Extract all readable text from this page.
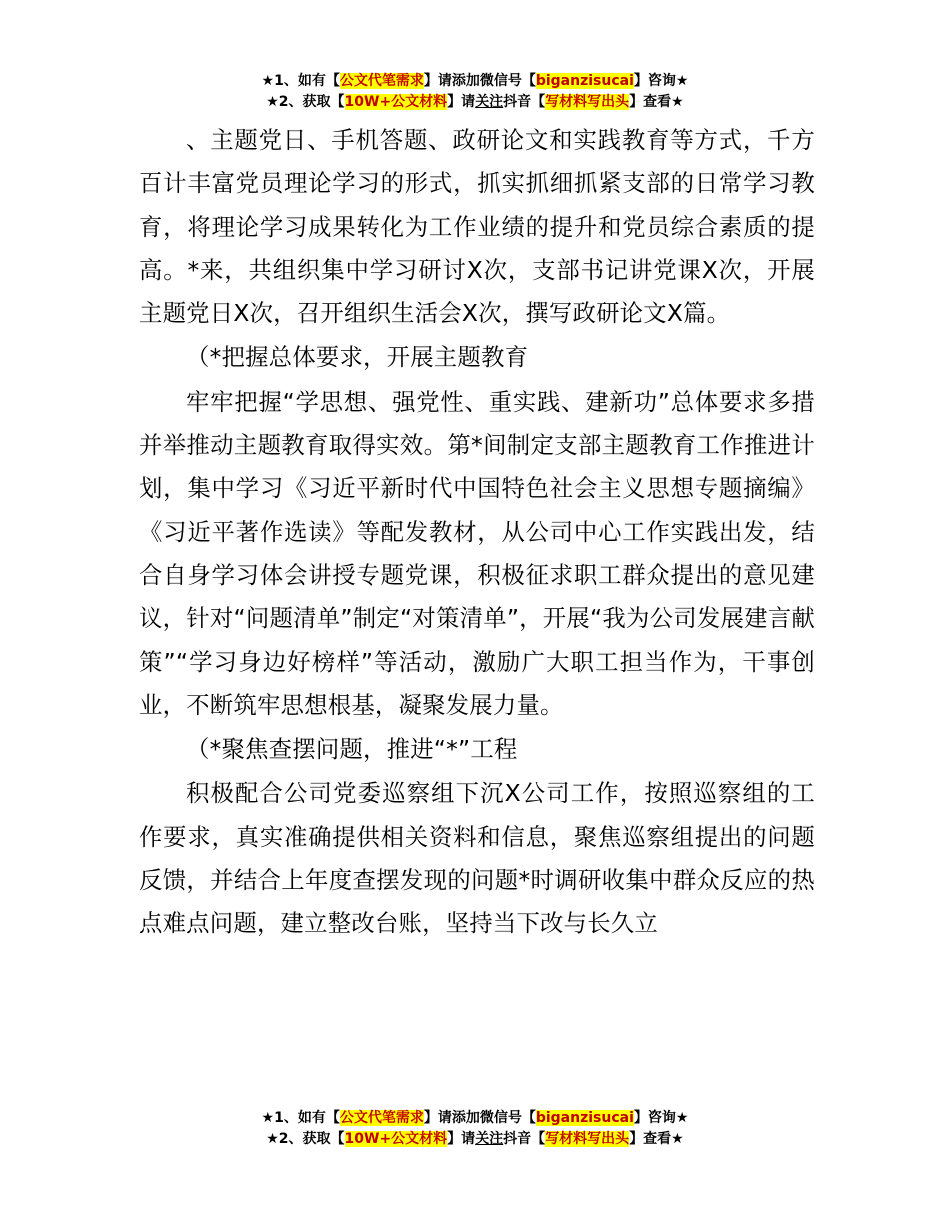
★1、如有【公文代笔需求】请添加微信号【biganzisucai】咨询★
★2、获取【10W+公文材料】请关注抖音【写材料写出头】查看★

、主题党日、手机答题、政研论文和实践教育等方式，千方百计丰富党员理论学习的形式，抓实抓细抓紧支部的日常学习教育，将理论学习成果转化为工作业绩的提升和党员综合素质的提高。*来，共组织集中学习研讨X次，支部书记讲党课X次，开展主题党日X次，召开组织生活会X次，撰写政研论文X篇。

（*把握总体要求，开展主题教育

牢牢把握“学思想、强党性、重实践、建新功”总体要求多措并举推动主题教育取得实效。第*间制定支部主题教育工作推进计划，集中学习《习近平新时代中国特色社会主义思想专题摘编》《习近平著作选读》等配发教材，从公司中心工作实践出发，结合自身学习体会讲授专题党课，积极征求职工群众提出的意见建议，针对“问题清单”制定“对策清单”，开展“我为公司发展建言献策”“学习身边好榜样”等活动，激励广大职工担当作为，干事创业，不断筑牢思想根基，凝聚发展力量。

（*聚焦查摆问题，推进“*”工程

积极配合公司党委巡察组下沉X公司工作，按照巡察组的工作要求，真实准确提供相关资料和信息，聚焦巡察组提出的问题反馈，并结合上年度查摆发现的问题*时调研收集中群众反应的热点难点问题，建立整改台账，坚持当下改与长久立

★1、如有【公文代笔需求】请添加微信号【biganzisucai】咨询★
★2、获取【10W+公文材料】请关注抖音【写材料写出头】查看★
